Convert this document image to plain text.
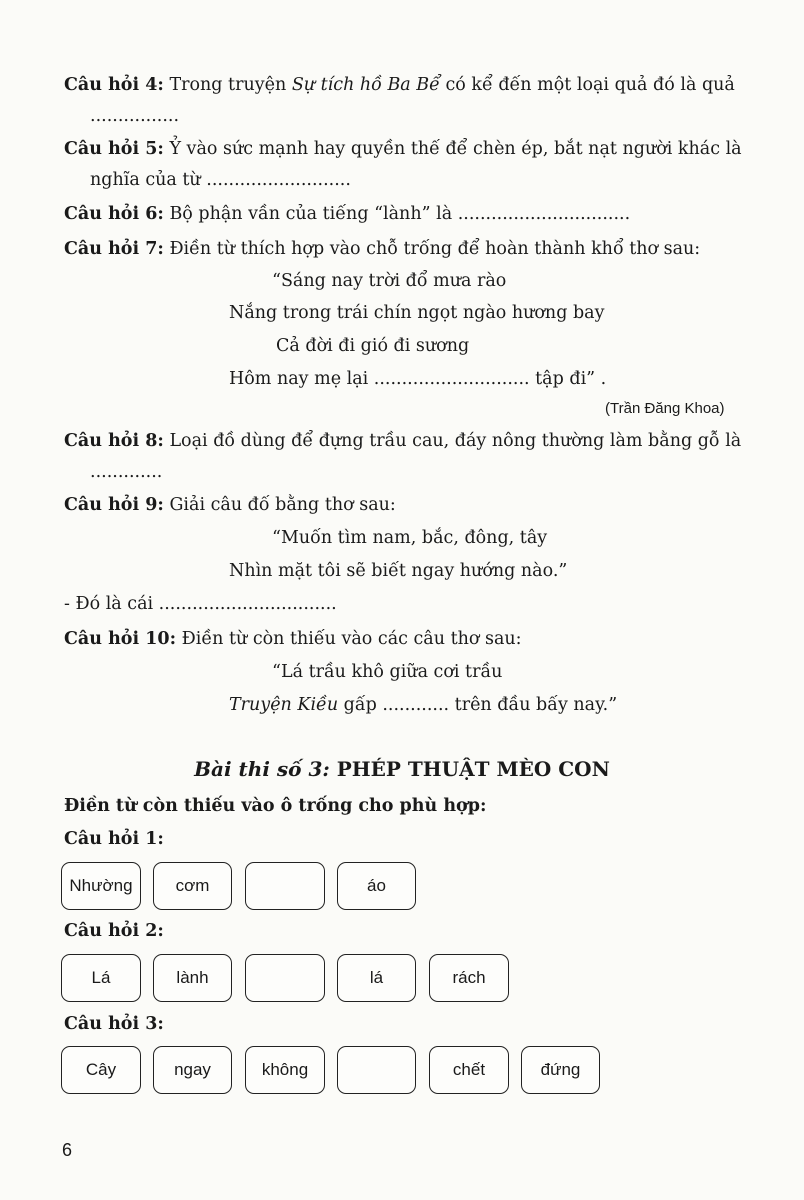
Câu hỏi 4: Trong truyện Sự tích hồ Ba Bể có kể đến một loại quả đó là quả
................
Câu hỏi 5: Ỷ vào sức mạnh hay quyền thế để chèn ép, bắt nạt người khác là
nghĩa của từ ..........................
Câu hỏi 6: Bộ phận vần của tiếng “lành” là ...............................
Câu hỏi 7: Điền từ thích hợp vào chỗ trống để hoàn thành khổ thơ sau:
“Sáng nay trời đổ mưa rào
Nắng trong trái chín ngọt ngào hương bay
Cả đời đi gió đi sương
Hôm nay mẹ lại ............................ tập đi” .
(Trần Đăng Khoa)
Câu hỏi 8: Loại đồ dùng để đựng trầu cau, đáy nông thường làm bằng gỗ là
.............
Câu hỏi 9: Giải câu đố bằng thơ sau:
“Muốn tìm nam, bắc, đông, tây
Nhìn mặt tôi sẽ biết ngay hướng nào.”
- Đó là cái ................................
Câu hỏi 10: Điền từ còn thiếu vào các câu thơ sau:
“Lá trầu khô giữa cơi trầu
Truyện Kiều gấp ............ trên đầu bấy nay.”
Bài thi số 3: PHÉP THUẬT MÈO CON
Điền từ còn thiếu vào ô trống cho phù hợp:
Câu hỏi 1:
Nhường	cơm	áo
Câu hỏi 2:
Lá	lành	lá	rách
Câu hỏi 3:
Cây	ngay	không	chết	đứng
6
